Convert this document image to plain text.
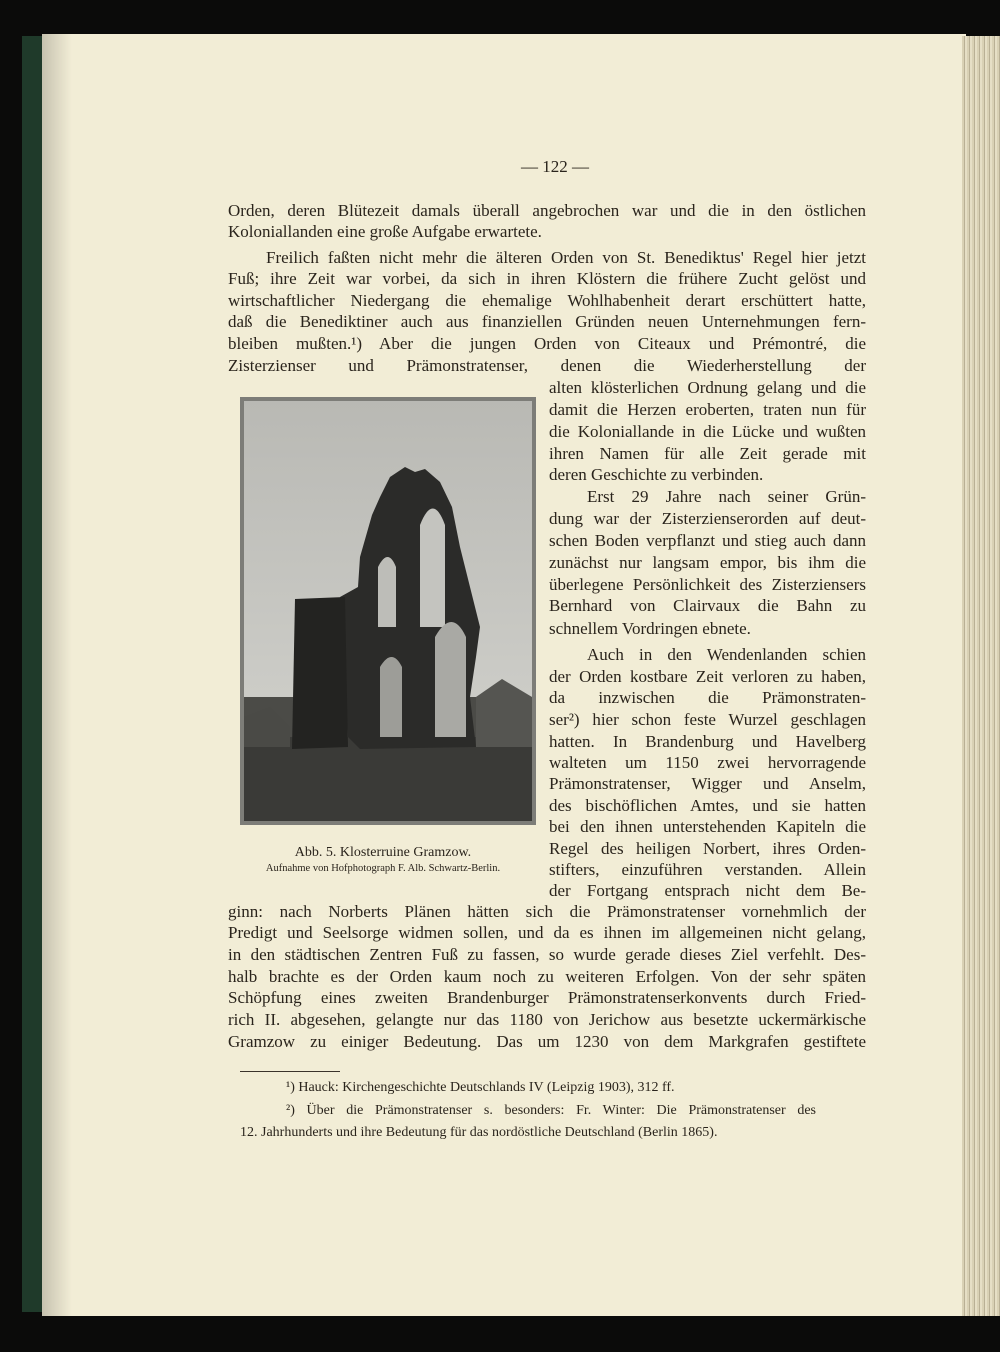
— 122 —
Orden, deren Blütezeit damals überall angebrochen war und die in den östlichen
Koloniallanden eine große Aufgabe erwartete.
Freilich faßten nicht mehr die älteren Orden von St. Benediktus' Regel hier jetzt
Fuß; ihre Zeit war vorbei, da sich in ihren Klöstern die frühere Zucht gelöst und
wirtschaftlicher Niedergang die ehemalige Wohlhabenheit derart erschüttert hatte,
daß die Benediktiner auch aus finanziellen Gründen neuen Unternehmungen fern-
bleiben mußten.¹) Aber die jungen Orden von Citeaux und Prémontré, die
Zisterzienser und Prämonstratenser, denen die Wiederherstellung der
alten klösterlichen Ordnung gelang und die
damit die Herzen eroberten, traten nun für
die Koloniallande in die Lücke und wußten
ihren Namen für alle Zeit gerade mit
deren Geschichte zu verbinden.
Erst 29 Jahre nach seiner Grün-
dung war der Zisterzienserorden auf deut-
schen Boden verpflanzt und stieg auch dann
zunächst nur langsam empor, bis ihm die
überlegene Persönlichkeit des Zisterziensers
Bernhard von Clairvaux die Bahn zu
schnellem Vordringen ebnete.
Auch in den Wendenlanden schien
der Orden kostbare Zeit verloren zu haben,
da inzwischen die Prämonstraten-
ser²) hier schon feste Wurzel geschlagen
hatten. In Brandenburg und Havelberg
walteten um 1150 zwei hervorragende
Prämonstratenser, Wigger und Anselm,
des bischöflichen Amtes, und sie hatten
bei den ihnen unterstehenden Kapiteln die
Regel des heiligen Norbert, ihres Orden-
stifters, einzuführen verstanden. Allein
der Fortgang entsprach nicht dem Be-
ginn: nach Norberts Plänen hätten sich die Prämonstratenser vornehmlich der
Predigt und Seelsorge widmen sollen, und da es ihnen im allgemeinen nicht gelang,
in den städtischen Zentren Fuß zu fassen, so wurde gerade dieses Ziel verfehlt. Des-
halb brachte es der Orden kaum noch zu weiteren Erfolgen. Von der sehr späten
Schöpfung eines zweiten Brandenburger Prämonstratenserkonvents durch Fried-
rich II. abgesehen, gelangte nur das 1180 von Jerichow aus besetzte uckermärkische
Gramzow zu einiger Bedeutung. Das um 1230 von dem Markgrafen gestiftete
¹) Hauck: Kirchengeschichte Deutschlands IV (Leipzig 1903), 312 ff.
²) Über die Prämonstratenser s. besonders: Fr. Winter: Die Prämonstratenser des
12. Jahrhunderts und ihre Bedeutung für das nordöstliche Deutschland (Berlin 1865).
Abb. 5. Klosterruine Gramzow.
Aufnahme von Hofphotograph F. Alb. Schwartz-Berlin.
